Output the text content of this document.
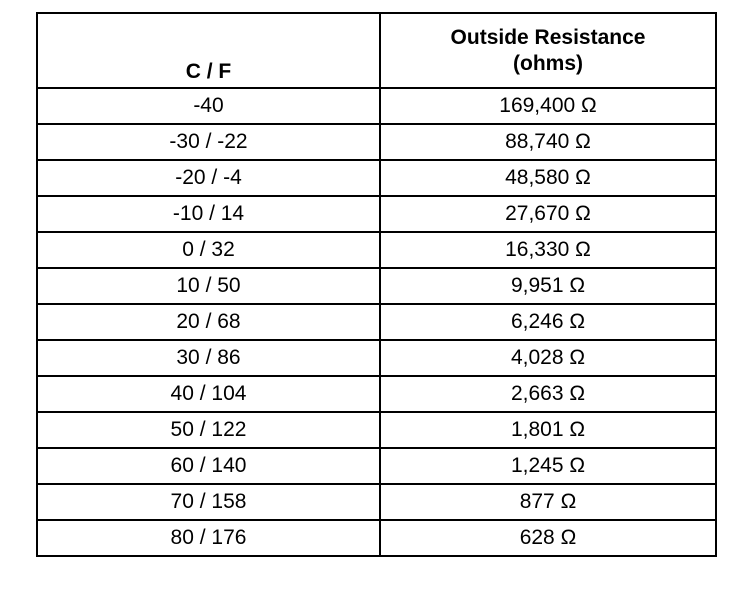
C / F	Outside Resistance
(ohms)

-40	169,400 Ω
-30 / -22	88,740 Ω
-20 / -4	48,580 Ω
-10 / 14	27,670 Ω
0 / 32	16,330 Ω
10 / 50	9,951 Ω
20 / 68	6,246 Ω
30 / 86	4,028 Ω
40 / 104	2,663 Ω
50 / 122	1,801 Ω
60 / 140	1,245 Ω
70 / 158	877 Ω
80 / 176	628 Ω
